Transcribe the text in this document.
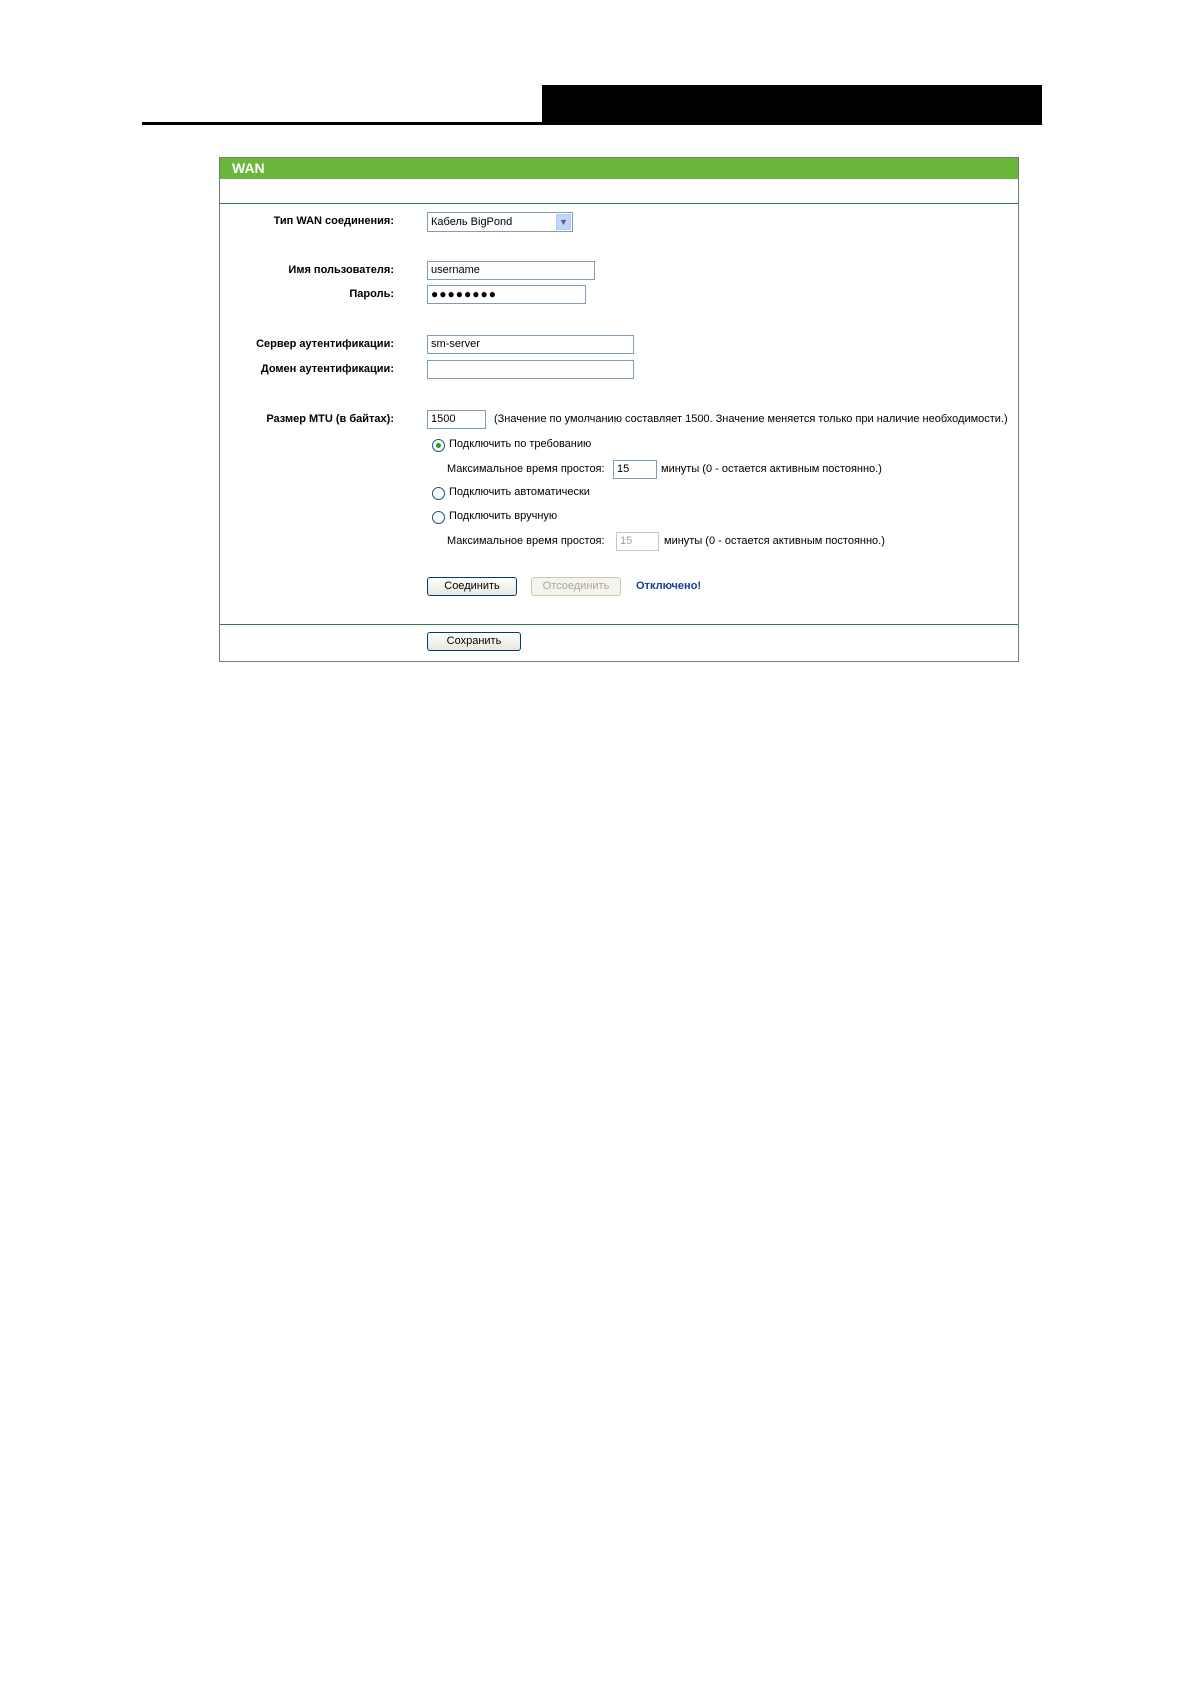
WAN
Тип WAN соединения:	Кабель BigPond	▼
Имя пользователя:	username
Пароль:	●●●●●●●●
Сервер аутентификации:	sm-server
Домен аутентификации:
Размер MTU (в байтах):	1500	(Значение по умолчанию составляет 1500. Значение меняется только при наличие необходимости.)
Подключить по требованию
Максимальное время простоя:	15	минуты (0 - остается активным постоянно.)
Подключить автоматически
Подключить вручную
Максимальное время простоя:	15	минуты (0 - остается активным постоянно.)
Соединить	Отсоединить	Отключено!
Сохранить
